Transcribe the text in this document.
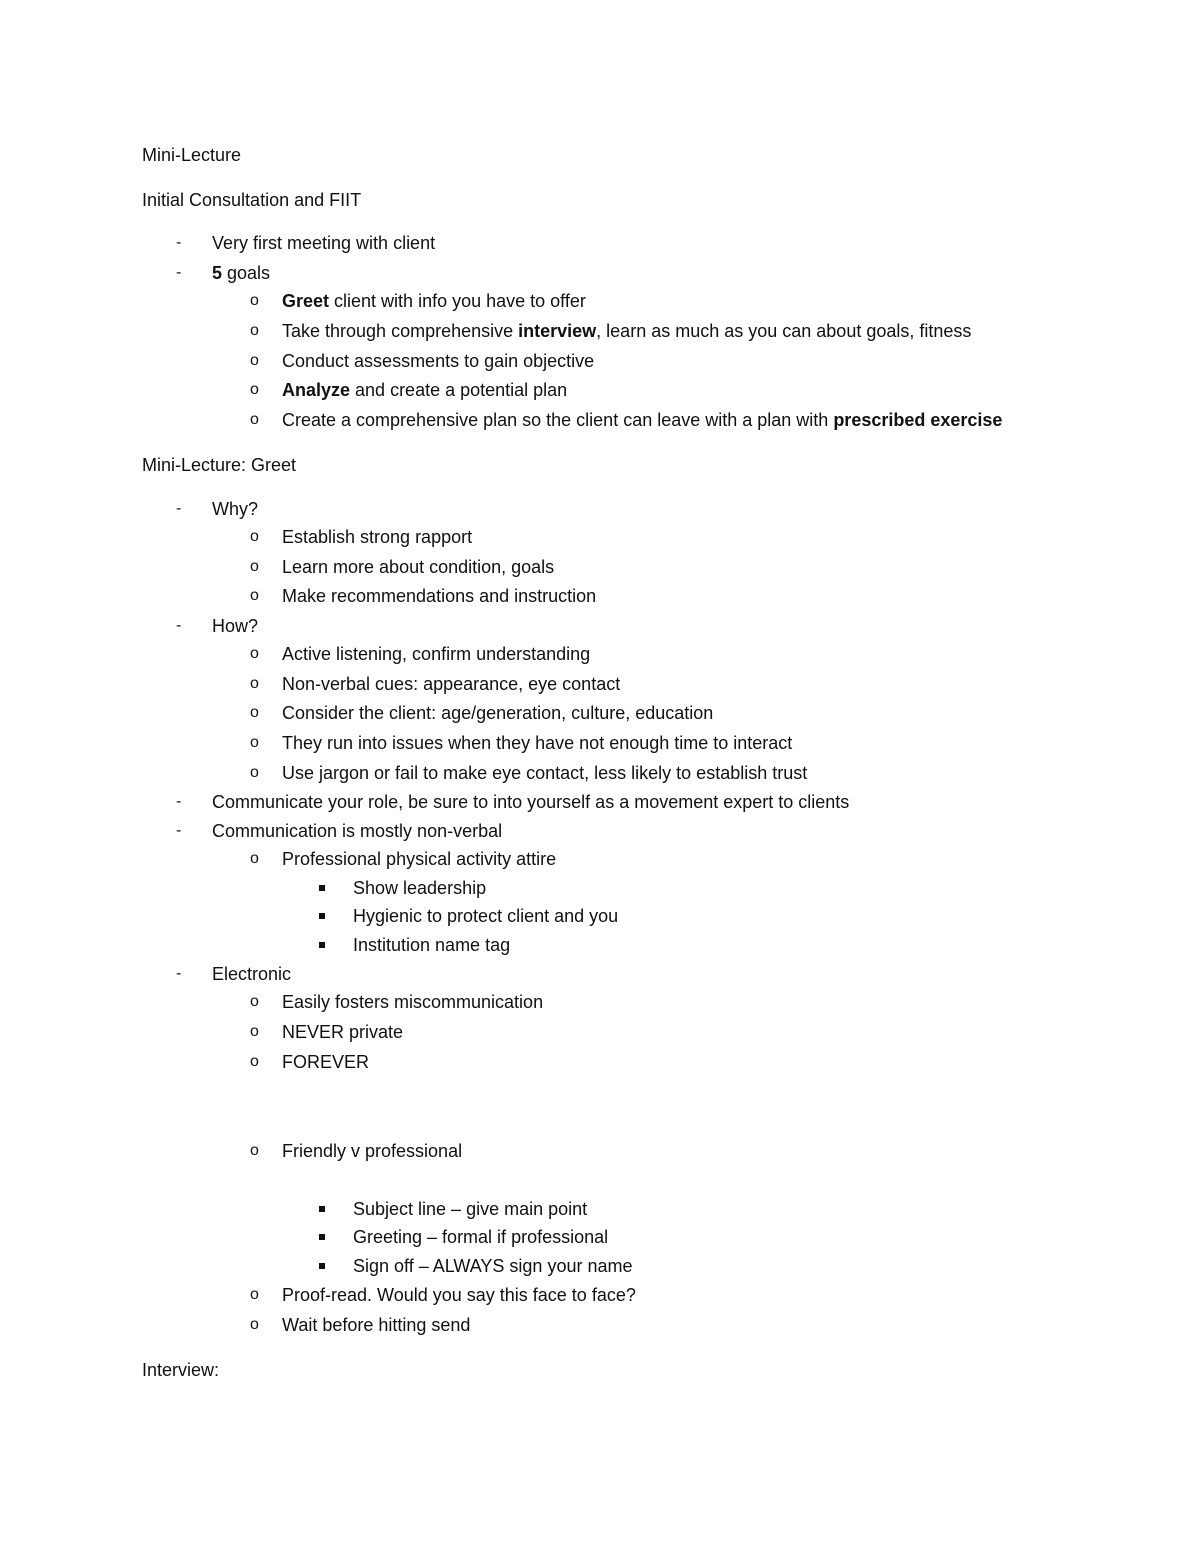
Mini-Lecture
Initial Consultation and FIIT
- Very first meeting with client
- 5 goals
o Greet client with info you have to offer
o Take through comprehensive interview, learn as much as you can about goals, fitness
o Conduct assessments to gain objective
o Analyze and create a potential plan
o Create a comprehensive plan so the client can leave with a plan with prescribed exercise
Mini-Lecture: Greet
- Why?
o Establish strong rapport
o Learn more about condition, goals
o Make recommendations and instruction
- How?
o Active listening, confirm understanding
o Non-verbal cues: appearance, eye contact
o Consider the client: age/generation, culture, education
o They run into issues when they have not enough time to interact
o Use jargon or fail to make eye contact, less likely to establish trust
- Communicate your role, be sure to into yourself as a movement expert to clients
- Communication is mostly non-verbal
o Professional physical activity attire
Show leadership
Hygienic to protect client and you
Institution name tag
- Electronic
o Easily fosters miscommunication
o NEVER private
o FOREVER
o Friendly v professional
Subject line – give main point
Greeting – formal if professional
Sign off – ALWAYS sign your name
o Proof-read. Would you say this face to face?
o Wait before hitting send
Interview:
